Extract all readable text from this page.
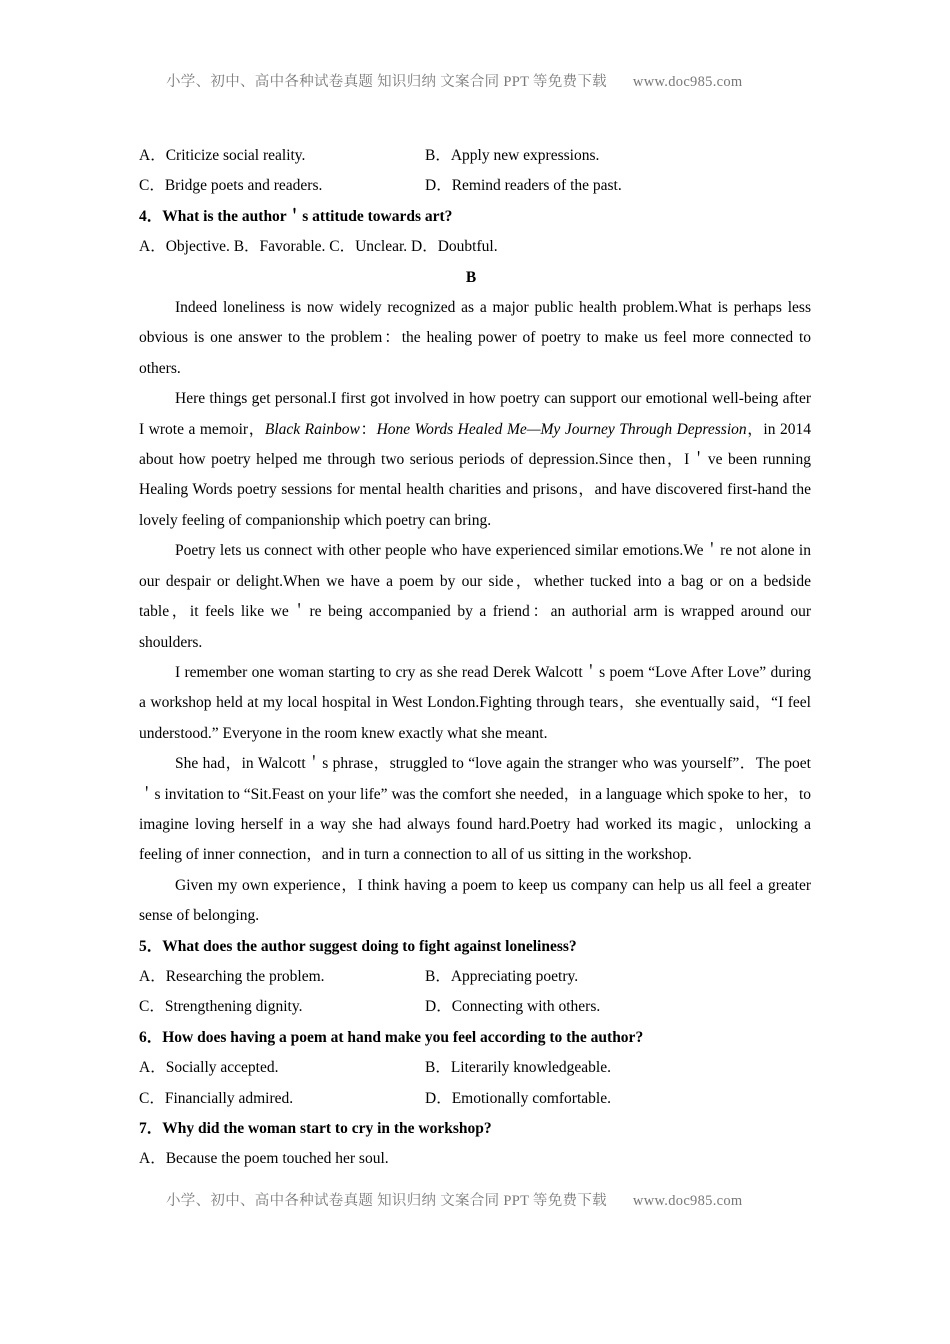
小学、初中、高中各种试卷真题 知识归纳 文案合同 PPT 等免费下载 www.doc985.com
A．Criticize social reality.	B．Apply new expressions.
C．Bridge poets and readers.	D．Remind readers of the past.

4．What is the author＇s attitude towards art?

A．Objective. B．Favorable. C．Unclear. D．Doubtful.

B

Indeed loneliness is now widely recognized as a major public health problem.What is perhaps less obvious is one answer to the problem：the healing power of poetry to make us feel more connected to others.

Here things get personal.I first got involved in how poetry can support our emotional well-being after I wrote a memoir，Black Rainbow：Hone Words Healed Me—My Journey Through Depression，in 2014 about how poetry helped me through two serious periods of depression.Since then，I＇ve been running Healing Words poetry sessions for mental health charities and prisons，and have discovered first-hand the lovely feeling of companionship which poetry can bring.

Poetry lets us connect with other people who have experienced similar emotions.We＇re not alone in our despair or delight.When we have a poem by our side，whether tucked into a bag or on a bedside table，it feels like we＇re being accompanied by a friend：an authorial arm is wrapped around our shoulders.

I remember one woman starting to cry as she read Derek Walcott＇s poem “Love After Love” during a workshop held at my local hospital in West London.Fighting through tears，she eventually said，“I feel understood.” Everyone in the room knew exactly what she meant.

She had，in Walcott＇s phrase，struggled to “love again the stranger who was yourself”．The poet＇s invitation to “Sit.Feast on your life” was the comfort she needed，in a language which spoke to her，to imagine loving herself in a way she had always found hard.Poetry had worked its magic，unlocking a feeling of inner connection，and in turn a connection to all of us sitting in the workshop.

Given my own experience，I think having a poem to keep us company can help us all feel a greater sense of belonging.

5．What does the author suggest doing to fight against loneliness?

A．Researching the problem.	B．Appreciating poetry.
C．Strengthening dignity.	D．Connecting with others.

6．How does having a poem at hand make you feel according to the author?

A．Socially accepted.	B．Literarily knowledgeable.
C．Financially admired.	D．Emotionally comfortable.

7．Why did the woman start to cry in the workshop?

A．Because the poem touched her soul.

小学、初中、高中各种试卷真题 知识归纳 文案合同 PPT 等免费下载 www.doc985.com
